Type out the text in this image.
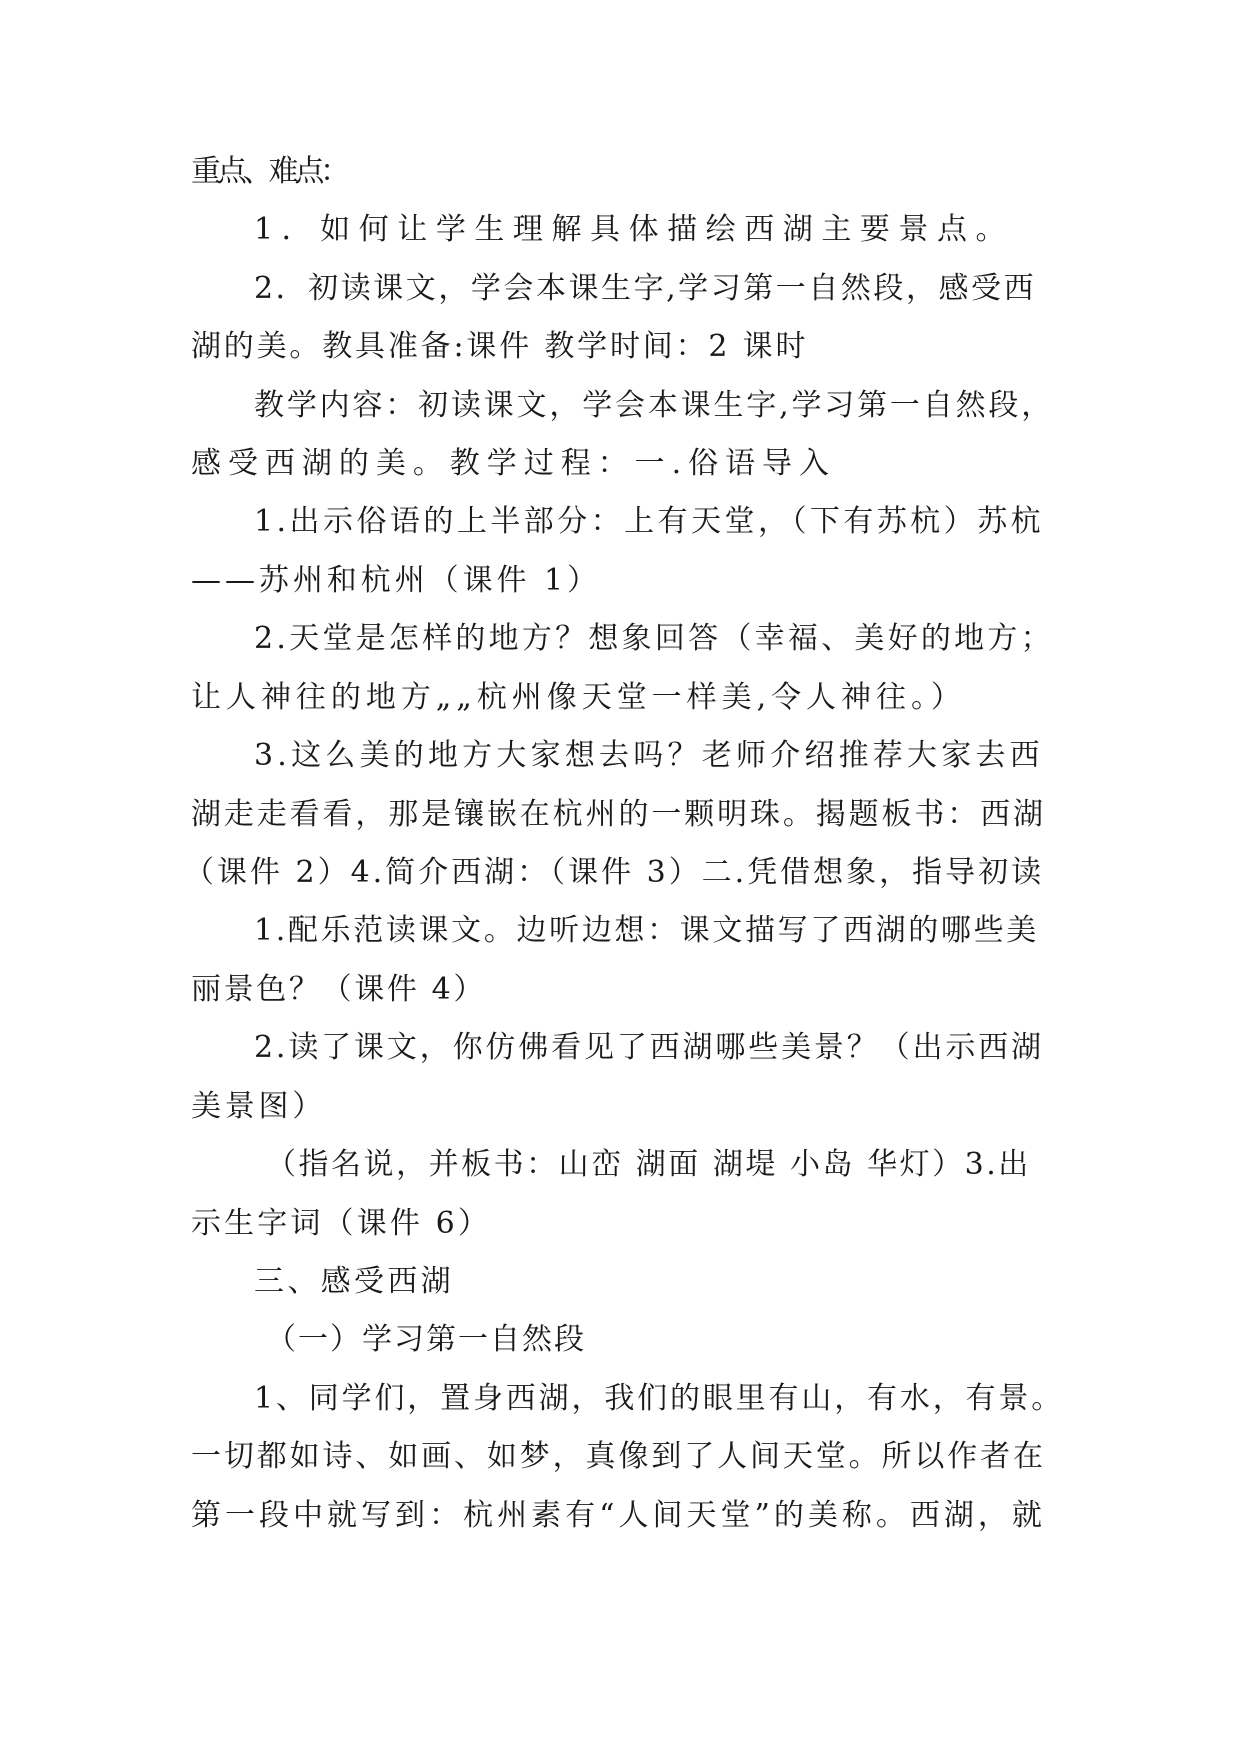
重点、难点：
1．如何让学生理解具体描绘西湖主要景点。
2．初读课文，学会本课生字,学习第一自然段，感受西
湖的美。教具准备:课件 教学时间：2 课时
教学内容：初读课文，学会本课生字,学习第一自然段，
感受西湖的美。教学过程：一.俗语导入
1.出示俗语的上半部分：上有天堂，（下有苏杭）苏杭
——苏州和杭州（课件 1）
2.天堂是怎样的地方？想象回答（幸福、美好的地方；
让人神往的地方„„杭州像天堂一样美,令人神往。）
3.这么美的地方大家想去吗？老师介绍推荐大家去西
湖走走看看，那是镶嵌在杭州的一颗明珠。揭题板书：西湖
（课件 2）4.简介西湖：（课件 3）二.凭借想象，指导初读
1.配乐范读课文。边听边想：课文描写了西湖的哪些美
丽景色？（课件 4）
2.读了课文，你仿佛看见了西湖哪些美景？（出示西湖
美景图）
（指名说，并板书：山峦 湖面 湖堤 小岛 华灯）3.出
示生字词（课件 6）
三、感受西湖
（一）学习第一自然段
1、同学们，置身西湖，我们的眼里有山，有水，有景。
一切都如诗、如画、如梦，真像到了人间天堂。所以作者在
第一段中就写到：杭州素有“人间天堂”的美称。西湖，就
